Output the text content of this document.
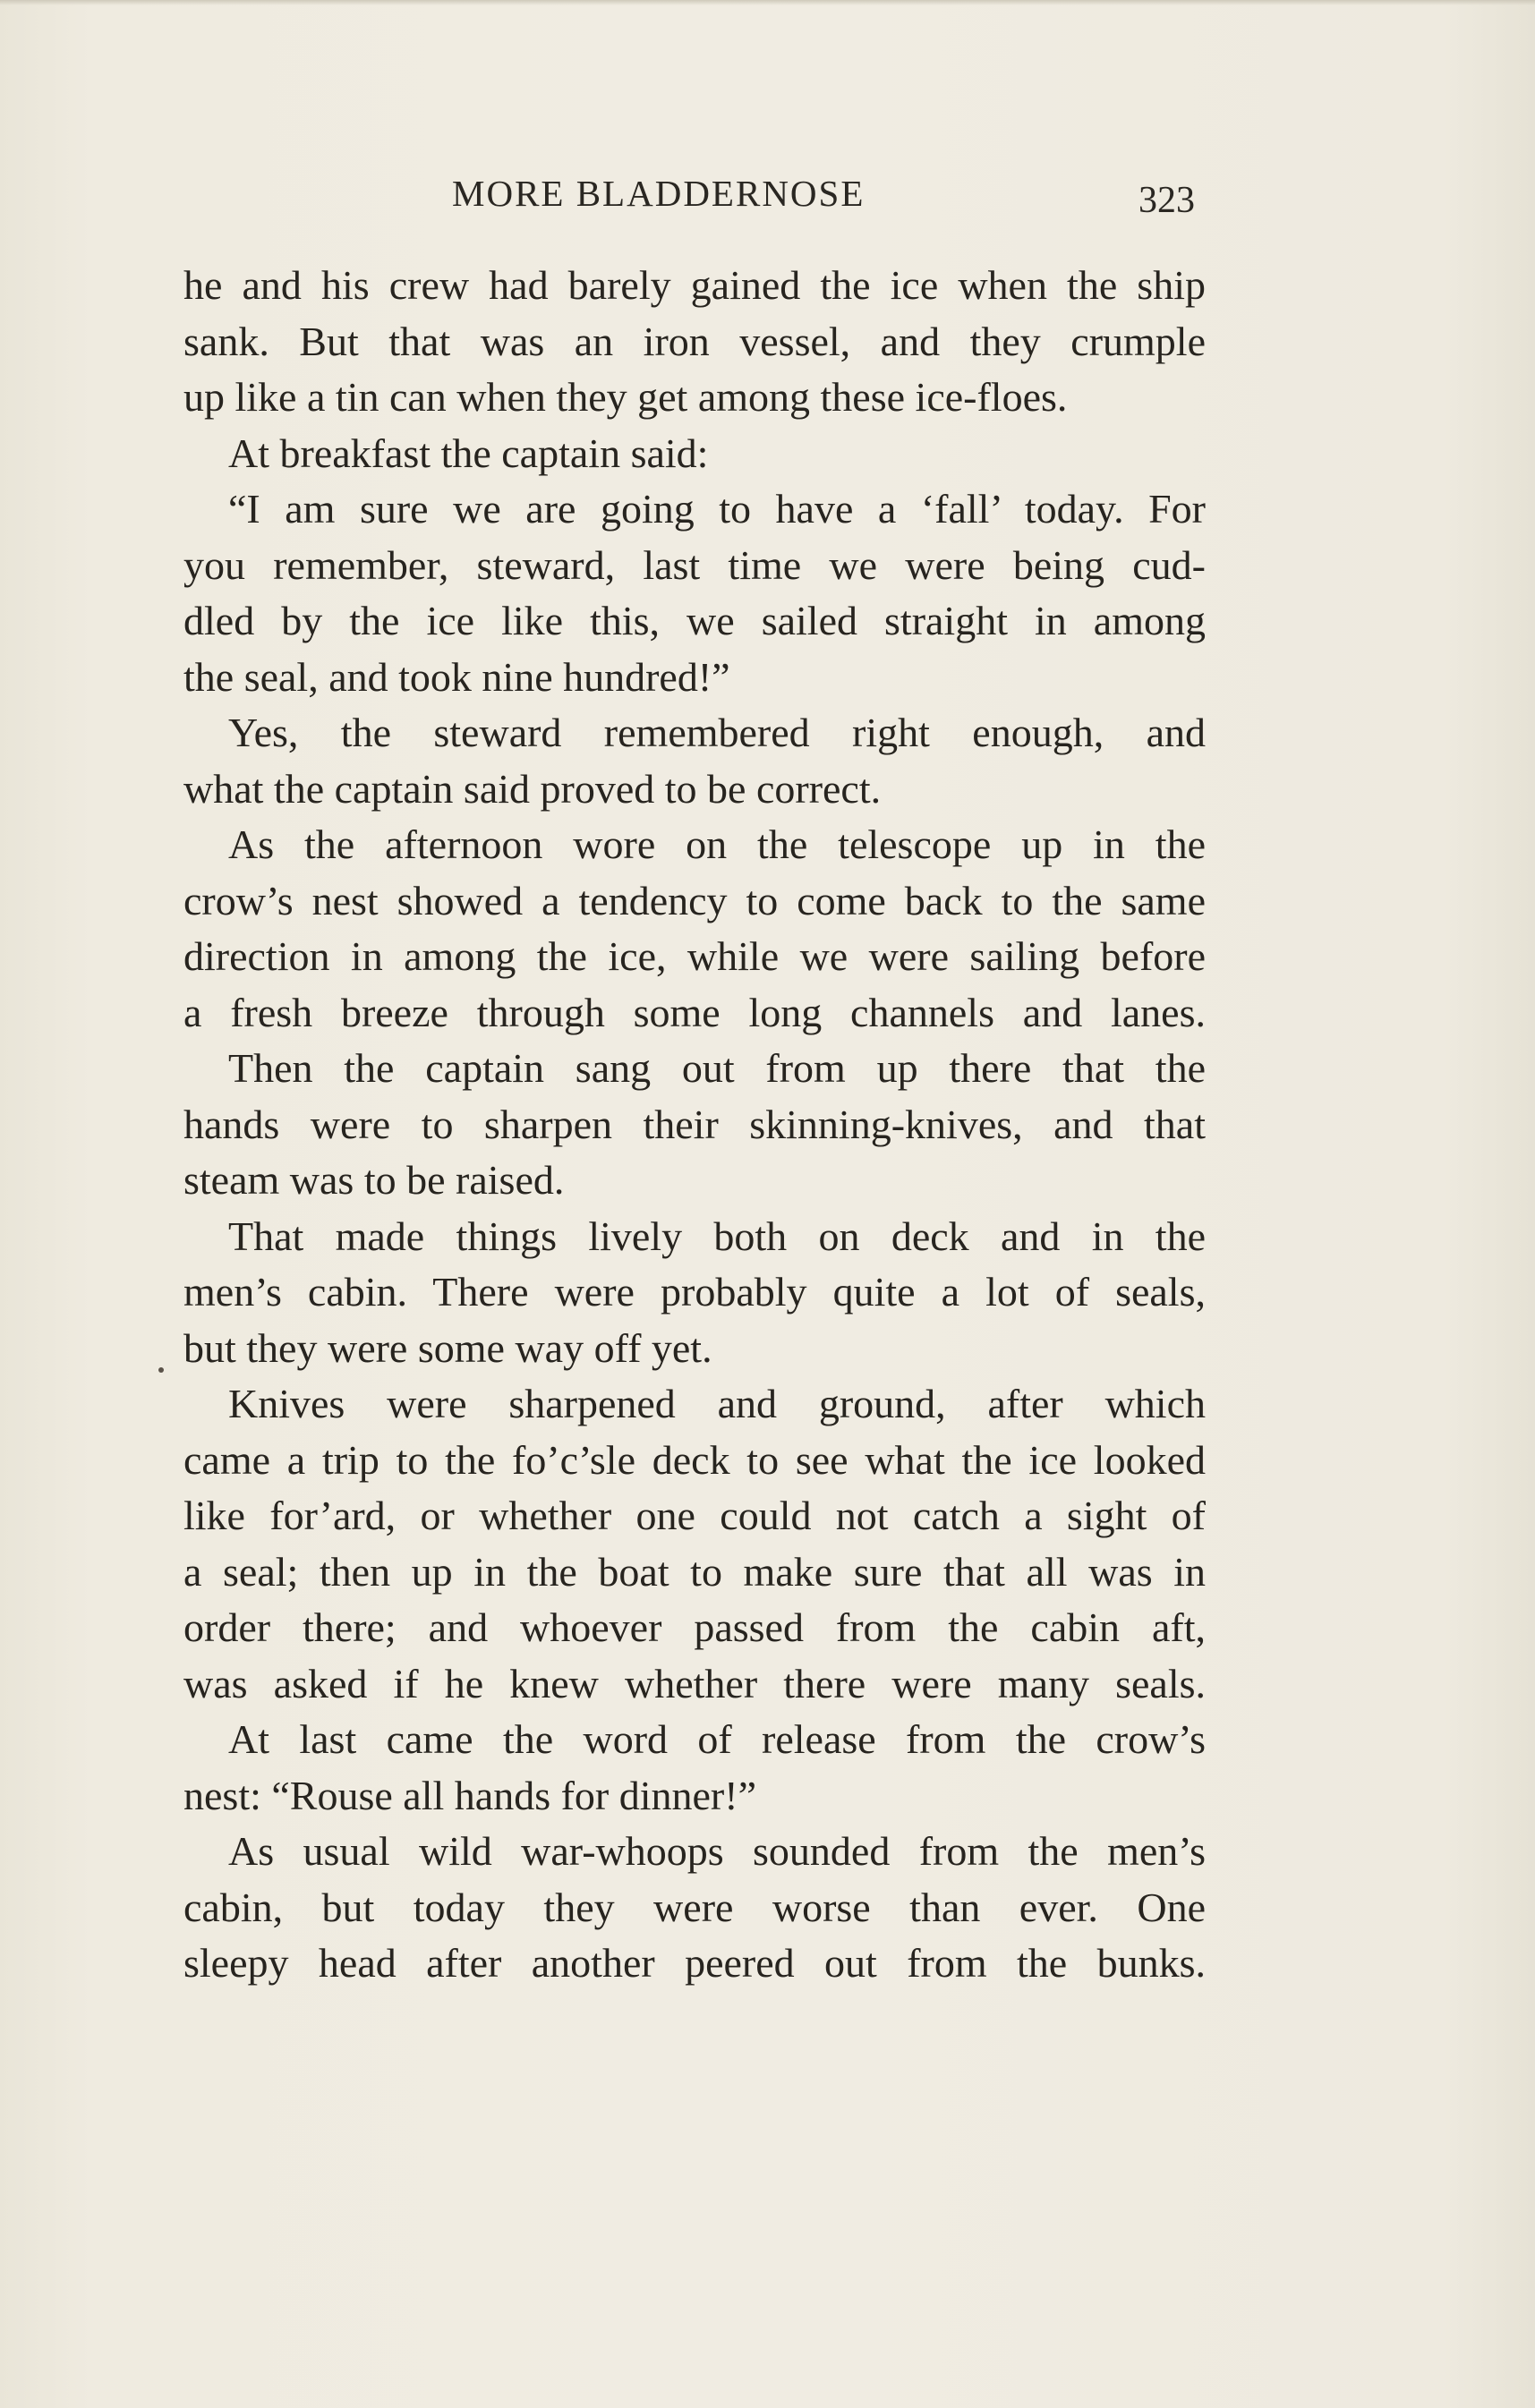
MORE BLADDERNOSE	323
he and his crew had barely gained the ice when the ship
sank. But that was an iron vessel, and they crumple
up like a tin can when they get among these ice-floes.
At breakfast the captain said:
“I am sure we are going to have a ‘fall’ today. For
you remember, steward, last time we were being cud-
dled by the ice like this, we sailed straight in among
the seal, and took nine hundred!”
Yes, the steward remembered right enough, and
what the captain said proved to be correct.
As the afternoon wore on the telescope up in the
crow’s nest showed a tendency to come back to the same
direction in among the ice, while we were sailing before
a fresh breeze through some long channels and lanes.
Then the captain sang out from up there that the
hands were to sharpen their skinning-knives, and that
steam was to be raised.
That made things lively both on deck and in the
men’s cabin. There were probably quite a lot of seals,
but they were some way off yet.
Knives were sharpened and ground, after which
came a trip to the fo’c’sle deck to see what the ice looked
like for’ard, or whether one could not catch a sight of
a seal; then up in the boat to make sure that all was in
order there; and whoever passed from the cabin aft,
was asked if he knew whether there were many seals.
At last came the word of release from the crow’s
nest: “Rouse all hands for dinner!”
As usual wild war-whoops sounded from the men’s
cabin, but today they were worse than ever. One
sleepy head after another peered out from the bunks.
